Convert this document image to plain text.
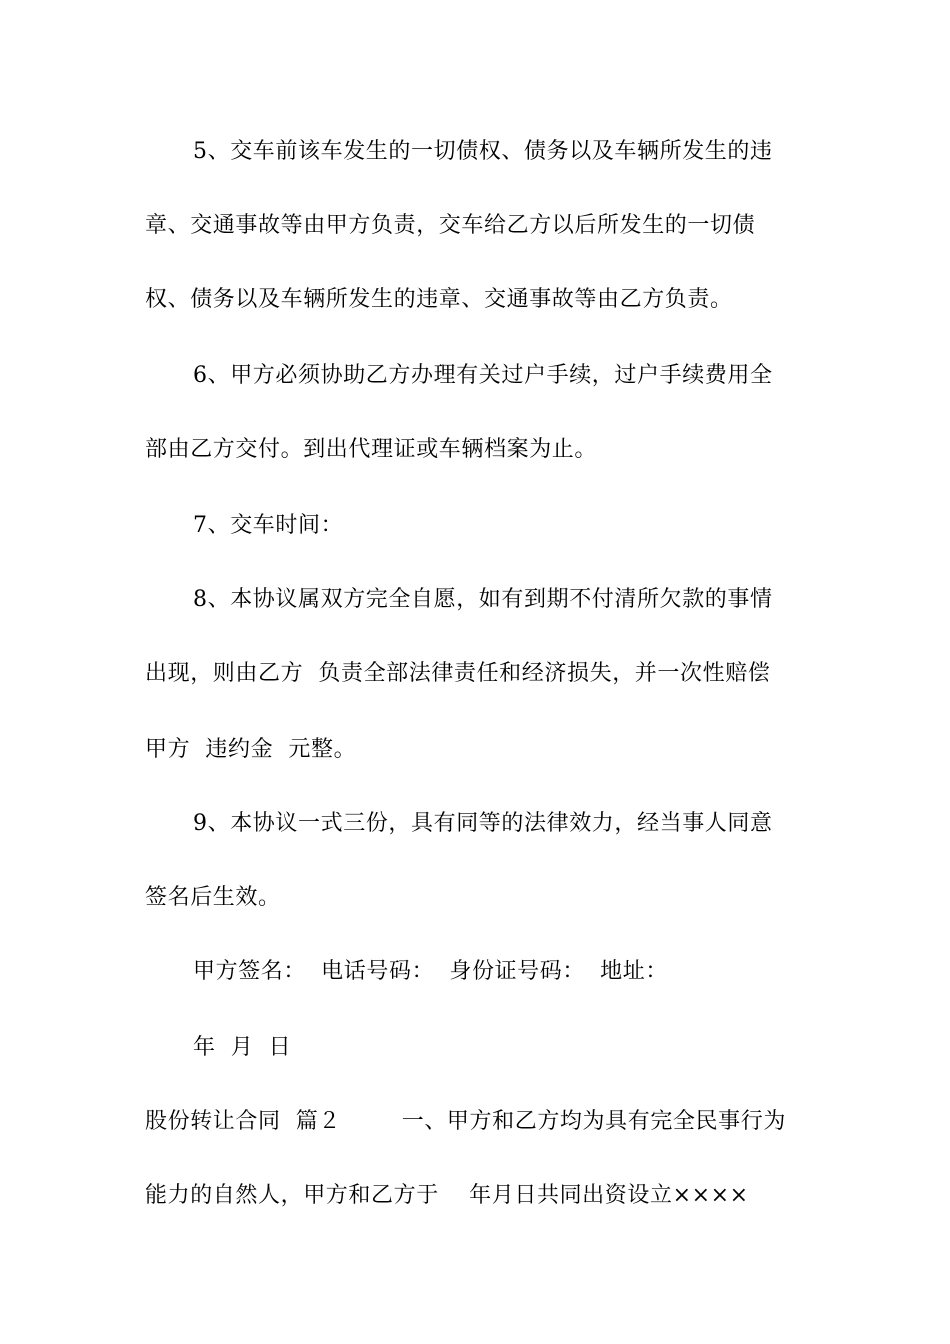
5、交车前该车发生的一切债权、债务以及车辆所发生的违
章、交通事故等由甲方负责，交车给乙方以后所发生的一切债
权、债务以及车辆所发生的违章、交通事故等由乙方负责。
6、甲方必须协助乙方办理有关过户手续，过户手续费用全
部由乙方交付。到出代理证或车辆档案为止。
7、交车时间：
8、本协议属双方完全自愿，如有到期不付清所欠款的事情
出现，则由乙方  负责全部法律责任和经济损失，并一次性赔偿
甲方  违约金  元整。
9、本协议一式三份，具有同等的法律效力，经当事人同意
签名后生效。
甲方签名：  电话号码：  身份证号码：  地址：
年  月  日
股份转让合同  篇２        一、甲方和乙方均为具有完全民事行为
能力的自然人，甲方和乙方于    年月日共同出资设立××××
